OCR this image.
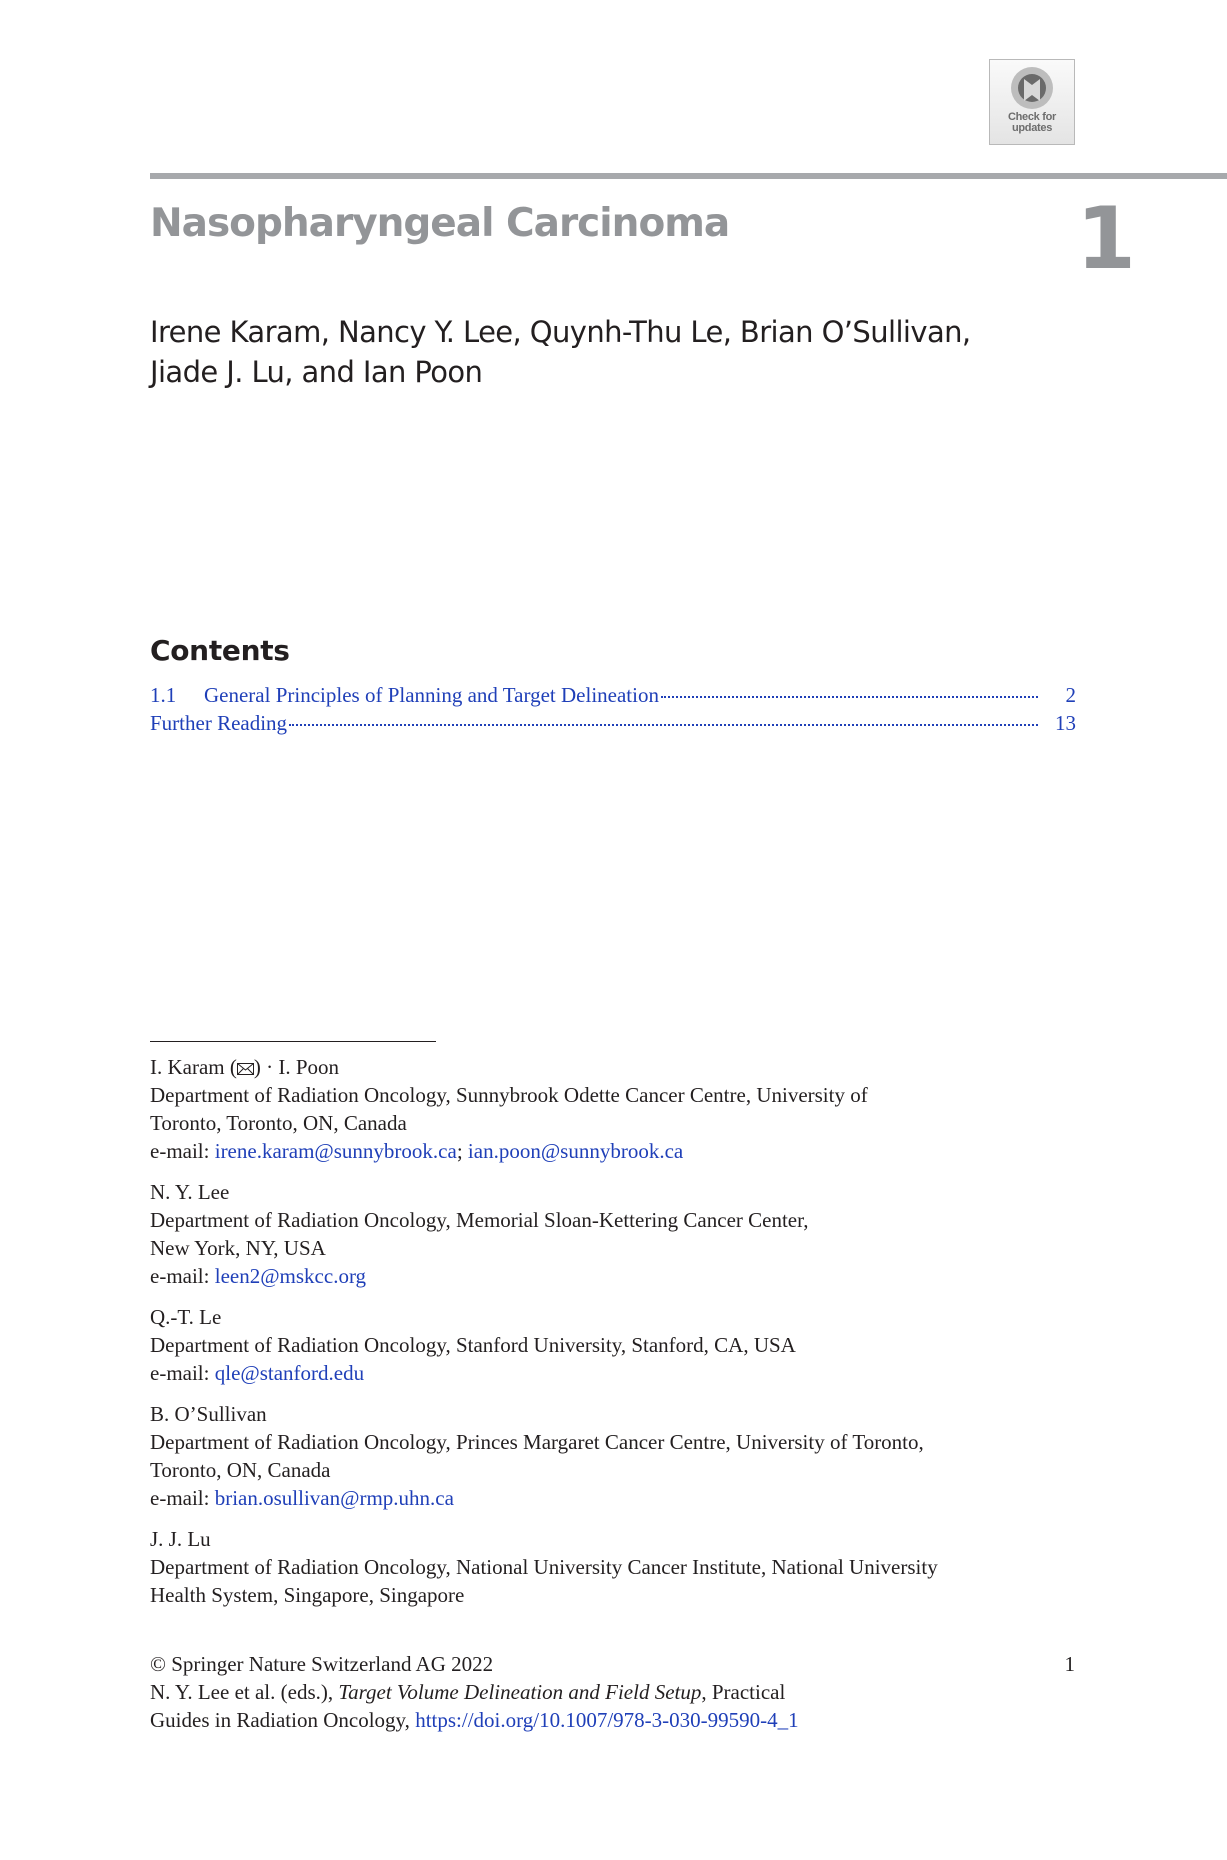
Check for
updates
Nasopharyngeal Carcinoma	1
Irene Karam, Nancy Y. Lee, Quynh-Thu Le, Brian O’Sullivan,
Jiade J. Lu, and Ian Poon
Contents
1.1	General Principles of Planning and Target Delineation	2
Further Reading	13
I. Karam ( ) · I. Poon
Department of Radiation Oncology, Sunnybrook Odette Cancer Centre, University of
Toronto, Toronto, ON, Canada
e-mail: irene.karam@sunnybrook.ca; ian.poon@sunnybrook.ca
N. Y. Lee
Department of Radiation Oncology, Memorial Sloan-Kettering Cancer Center,
New York, NY, USA
e-mail: leen2@mskcc.org
Q.-T. Le
Department of Radiation Oncology, Stanford University, Stanford, CA, USA
e-mail: qle@stanford.edu
B. O’Sullivan
Department of Radiation Oncology, Princes Margaret Cancer Centre, University of Toronto,
Toronto, ON, Canada
e-mail: brian.osullivan@rmp.uhn.ca
J. J. Lu
Department of Radiation Oncology, National University Cancer Institute, National University
Health System, Singapore, Singapore
© Springer Nature Switzerland AG 2022
N. Y. Lee et al. (eds.), Target Volume Delineation and Field Setup, Practical
Guides in Radiation Oncology, https://doi.org/10.1007/978-3-030-99590-4_1
1
